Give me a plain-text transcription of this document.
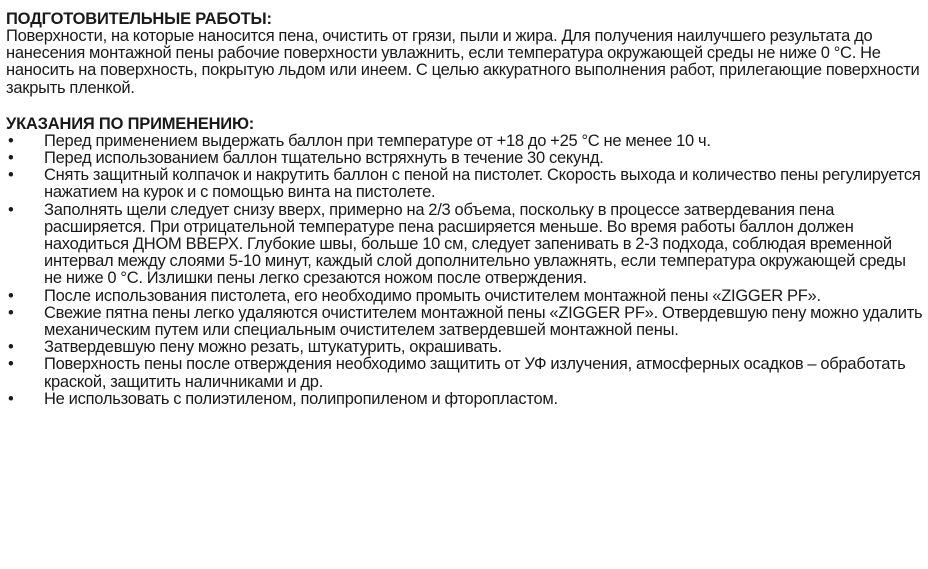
ПОДГОТОВИТЕЛЬНЫЕ РАБОТЫ:

Поверхности, на которые наносится пена, очистить от грязи, пыли и жира. Для получения наилучшего результата до нанесения монтажной пены рабочие поверхности увлажнить, если температура окружающей среды не ниже 0 °С. Не наносить на поверхность, покрытую льдом или инеем. С целью аккуратного выполнения работ, прилегающие поверхности закрыть пленкой.

УКАЗАНИЯ ПО ПРИМЕНЕНИЮ:
• Перед применением выдержать баллон при температуре от +18 до +25 °С не менее 10 ч.
• Перед использованием баллон тщательно встряхнуть в течение 30 секунд.
• Снять защитный колпачок и накрутить баллон с пеной на пистолет. Скорость выхода и количество пены регулируется нажатием на курок и с помощью винта на пистолете.
• Заполнять щели следует снизу вверх, примерно на 2/3 объема, поскольку в процессе затвердевания пена расширяется. При отрицательной температуре пена расширяется меньше. Во время работы баллон должен находиться ДНОМ ВВЕРХ. Глубокие швы, больше 10 см, следует запенивать в 2-3 подхода, соблюдая временной интервал между слоями 5-10 минут, каждый слой дополнительно увлажнять, если температура окружающей среды не ниже 0 °С. Излишки пены легко срезаются ножом после отверждения.
• После использования пистолета, его необходимо промыть очистителем монтажной пены «ZIGGER PF».
• Свежие пятна пены легко удаляются очистителем монтажной пены «ZIGGER PF». Отвердевшую пену можно удалить механическим путем или специальным очистителем затвердевшей монтажной пены.
• Затвердевшую пену можно резать, штукатурить, окрашивать.
• Поверхность пены после отверждения необходимо защитить от УФ излучения, атмосферных осадков – обработать краской, защитить наличниками и др.
• Не использовать с полиэтиленом, полипропиленом и фторопластом.
